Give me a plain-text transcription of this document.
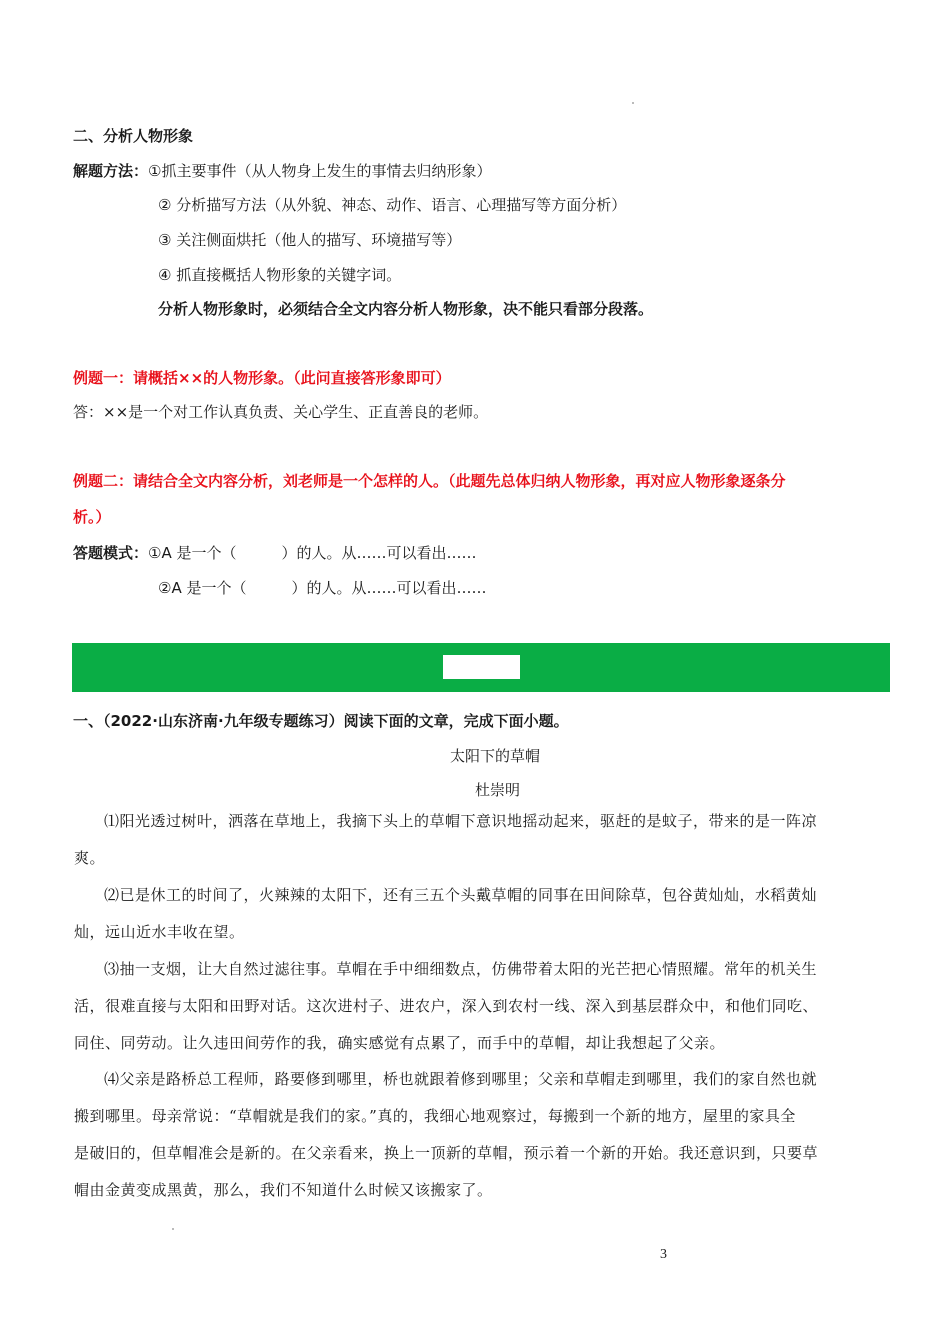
二、分析人物形象
解题方法：①抓主要事件（从人物身上发生的事情去归纳形象）
② 分析描写方法（从外貌、神态、动作、语言、心理描写等方面分析）
③ 关注侧面烘托（他人的描写、环境描写等）
④ 抓直接概括人物形象的关键字词。
分析人物形象时，必须结合全文内容分析人物形象，决不能只看部分段落。
例题一：请概括××的人物形象。（此问直接答形象即可）
答：××是一个对工作认真负责、关心学生、正直善良的老师。
例题二：请结合全文内容分析，刘老师是一个怎样的人。（此题先总体归纳人物形象，再对应人物形象逐条分
析。）
答题模式：①A 是一个（　　　）的人。从……可以看出……
②A 是一个（　　　）的人。从……可以看出……
一、（2022·山东济南·九年级专题练习）阅读下面的文章，完成下面小题。
太阳下的草帽
杜崇明
⑴阳光透过树叶，洒落在草地上，我摘下头上的草帽下意识地摇动起来，驱赶的是蚊子，带来的是一阵凉
爽。
⑵已是休工的时间了，火辣辣的太阳下，还有三五个头戴草帽的同事在田间除草，包谷黄灿灿，水稻黄灿
灿，远山近水丰收在望。
⑶抽一支烟，让大自然过滤往事。草帽在手中细细数点，仿佛带着太阳的光芒把心情照耀。常年的机关生
活，很难直接与太阳和田野对话。这次进村子、进农户，深入到农村一线、深入到基层群众中，和他们同吃、
同住、同劳动。让久违田间劳作的我，确实感觉有点累了，而手中的草帽，却让我想起了父亲。
⑷父亲是路桥总工程师，路要修到哪里，桥也就跟着修到哪里；父亲和草帽走到哪里，我们的家自然也就
搬到哪里。母亲常说：“草帽就是我们的家。”真的，我细心地观察过，每搬到一个新的地方，屋里的家具全
是破旧的，但草帽准会是新的。在父亲看来，换上一顶新的草帽，预示着一个新的开始。我还意识到，只要草
帽由金黄变成黑黄，那么，我们不知道什么时候又该搬家了。
3
